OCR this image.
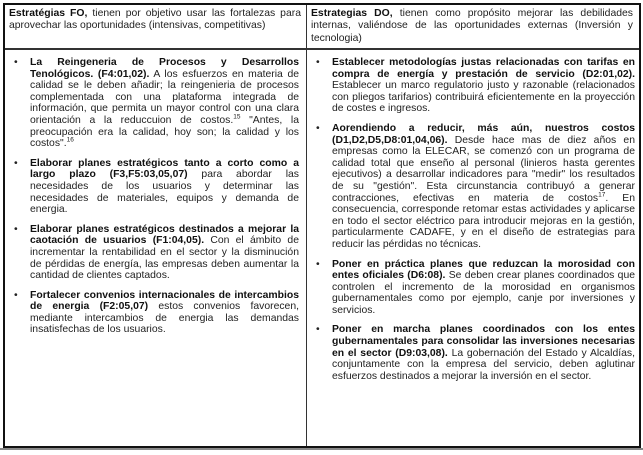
Estratégias FO, tienen por objetivo usar las fortalezas para aprovechar las oportunidades (intensivas, competitivas)
Estrategias DO, tienen como propósito mejorar las debilidades internas, valiéndose de las oportunidades externas (Inversión y tecnologia)
• La Reingeneria de Procesos y Desarrollos Tenológicos. (F4:01,02). A los esfuerzos en materia de calidad se le deben añadir; la reingenieria de procesos complementada con una plataforma integrada de información, que permita un mayor control con una clara orientación a la reduccuion de costos.$^{15}$ "Antes, la preocupación era la calidad, hoy son; la calidad y los costos".$^{16}$
• Elaborar planes estratégicos tanto a corto como a largo plazo (F3,F5:03,05,07) para abordar las necesidades de los usuarios y determinar las necesidades de materiales, equipos y demanda de energia.
• Elaborar planes estratégicos destinados a mejorar la caotación de usuarios (F1:04,05). Con el ámbito de incrementar la rentabilidad en el sector y la disminución de pérdidas de energía, las empresas deben aumentar la cantidad de clientes captados.
• Fortalecer convenios internacionales de intercambios de energia (F2:05,07) estos convenios favorecen, mediante intercambios de energia las demandas insatisfechas de los usuarios.
• Establecer metodologías justas relacionadas con tarifas en compra de energía y prestación de servicio (D2:01,02). Establecer un marco regulatorio justo y razonable (relacionados con pliegos tarifarios) contribuirá eficientemente en la proyección de costes e ingresos.
• Aorendiendo a reducir, más aún, nuestros costos (D1,D2,D5,D8:01,04,06). Desde hace mas de diez años en empresas como la ELECAR, se comenzó con un programa de calidad total que enseño al personal (linieros hasta gerentes ejecutivos) a desarrollar indicadores para "medir" los resultados de su "gestión". Esta circunstancia contribuyó a generar contracciones, efectivas en materia de costos$^{17}$. En consecuencia, corresponde retomar estas actividades y aplicarse en todo el sector eléctrico para introducir mejoras en la gestión, particularmente CADAFE, y en el diseño de estrategias para reducir las pérdidas no técnicas.
• Poner en práctica planes que reduzcan la morosidad con entes oficiales (D6:08). Se deben crear planes coordinados que controlen el incremento de la morosidad en organismos gubernamentales como por ejemplo, canje por inversiones y servicios.
• Poner en marcha planes coordinados con los entes gubernamentales para consolidar las inversiones necesarias en el sector (D9:03,08). La gobernación del Estado y Alcaldías, conjuntamente con la empresa del servicio, deben aglutinar esfuerzos destinados a mejorar la inversión en el sector.
